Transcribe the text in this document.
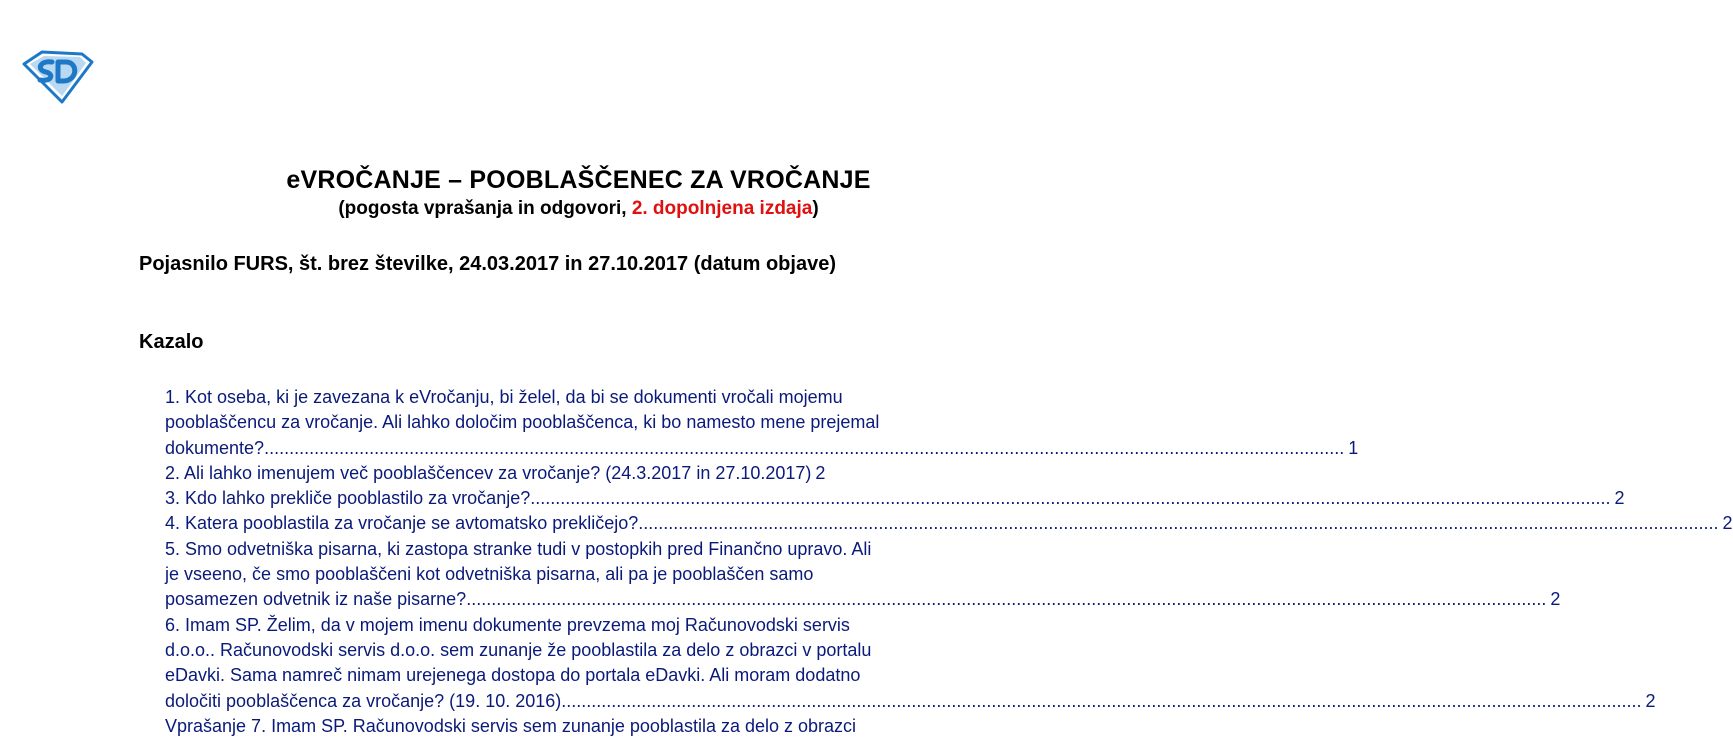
eVROČANJE – POOBLAŠČENEC ZA VROČANJE
(pogosta vprašanja in odgovori, 2. dopolnjena izdaja)
Pojasnilo FURS, št. brez številke, 24.03.2017 in 27.10.2017 (datum objave)
Kazalo
1. Kot oseba, ki je zavezana k eVročanju, bi želel, da bi se dokumenti vročali mojemu
pooblaščencu za vročanje. Ali lahko določim pooblaščenca, ki bo namesto mene prejemal
dokumente? .....	1
2. Ali lahko imenujem več pooblaščencev za vročanje? (24.3.2017 in 27.10.2017) 2
3. Kdo lahko prekliče pooblastilo za vročanje? .....	2
4. Katera pooblastila za vročanje se avtomatsko prekličejo? .....	2
5. Smo odvetniška pisarna, ki zastopa stranke tudi v postopkih pred Finančno upravo. Ali
je vseeno, če smo pooblaščeni kot odvetniška pisarna, ali pa je pooblaščen samo
posamezen odvetnik iz naše pisarne? .....	2
6. Imam SP. Želim, da v mojem imenu dokumente prevzema moj Računovodski servis
d.o.o.. Računovodski servis d.o.o. sem zunanje že pooblastila za delo z obrazci v portalu
eDavki. Sama namreč nimam urejenega dostopa do portala eDavki. Ali moram dodatno
določiti pooblaščenca za vročanje? (19. 10. 2016) .....	2
Vprašanje 7. Imam SP. Računovodski servis sem zunanje pooblastila za delo z obrazci
